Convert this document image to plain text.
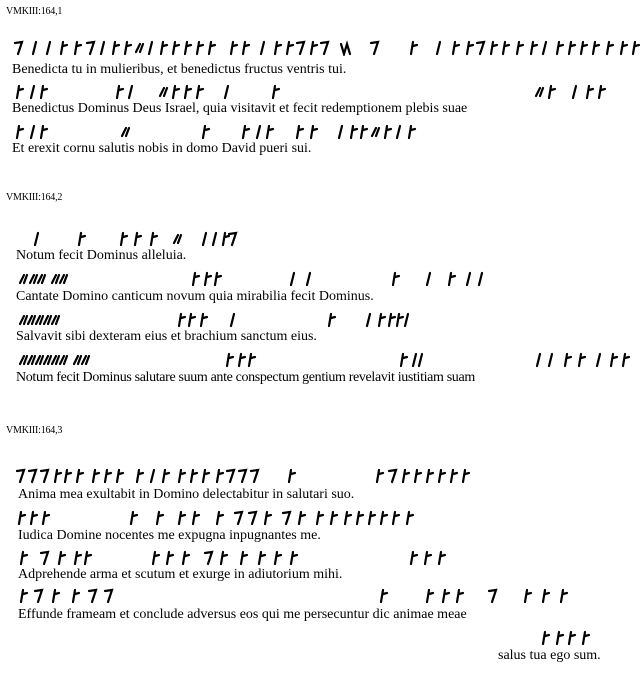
VMKIII:164,1
Benedicta tu in mulieribus, et benedictus fructus ventris tui.
Benedictus Dominus Deus Israel, quia visitavit et fecit redemptionem plebis suae
Et erexit cornu salutis nobis in domo David pueri sui.
VMKIII:164,2
Notum fecit Dominus alleluia.
Cantate Domino canticum novum quia mirabilia fecit Dominus.
Salvavit sibi dexteram eius et brachium sanctum eius.
Notum fecit Dominus salutare suum ante conspectum gentium revelavit iustitiam suam
VMKIII:164,3
Anima mea exultabit in Domino delectabitur in salutari suo.
Iudica Domine nocentes me expugna inpugnantes me.
Adprehende arma et scutum et exurge in adiutorium mihi.
Effunde frameam et conclude adversus eos qui me persecuntur dic animae meae
salus tua ego sum.
